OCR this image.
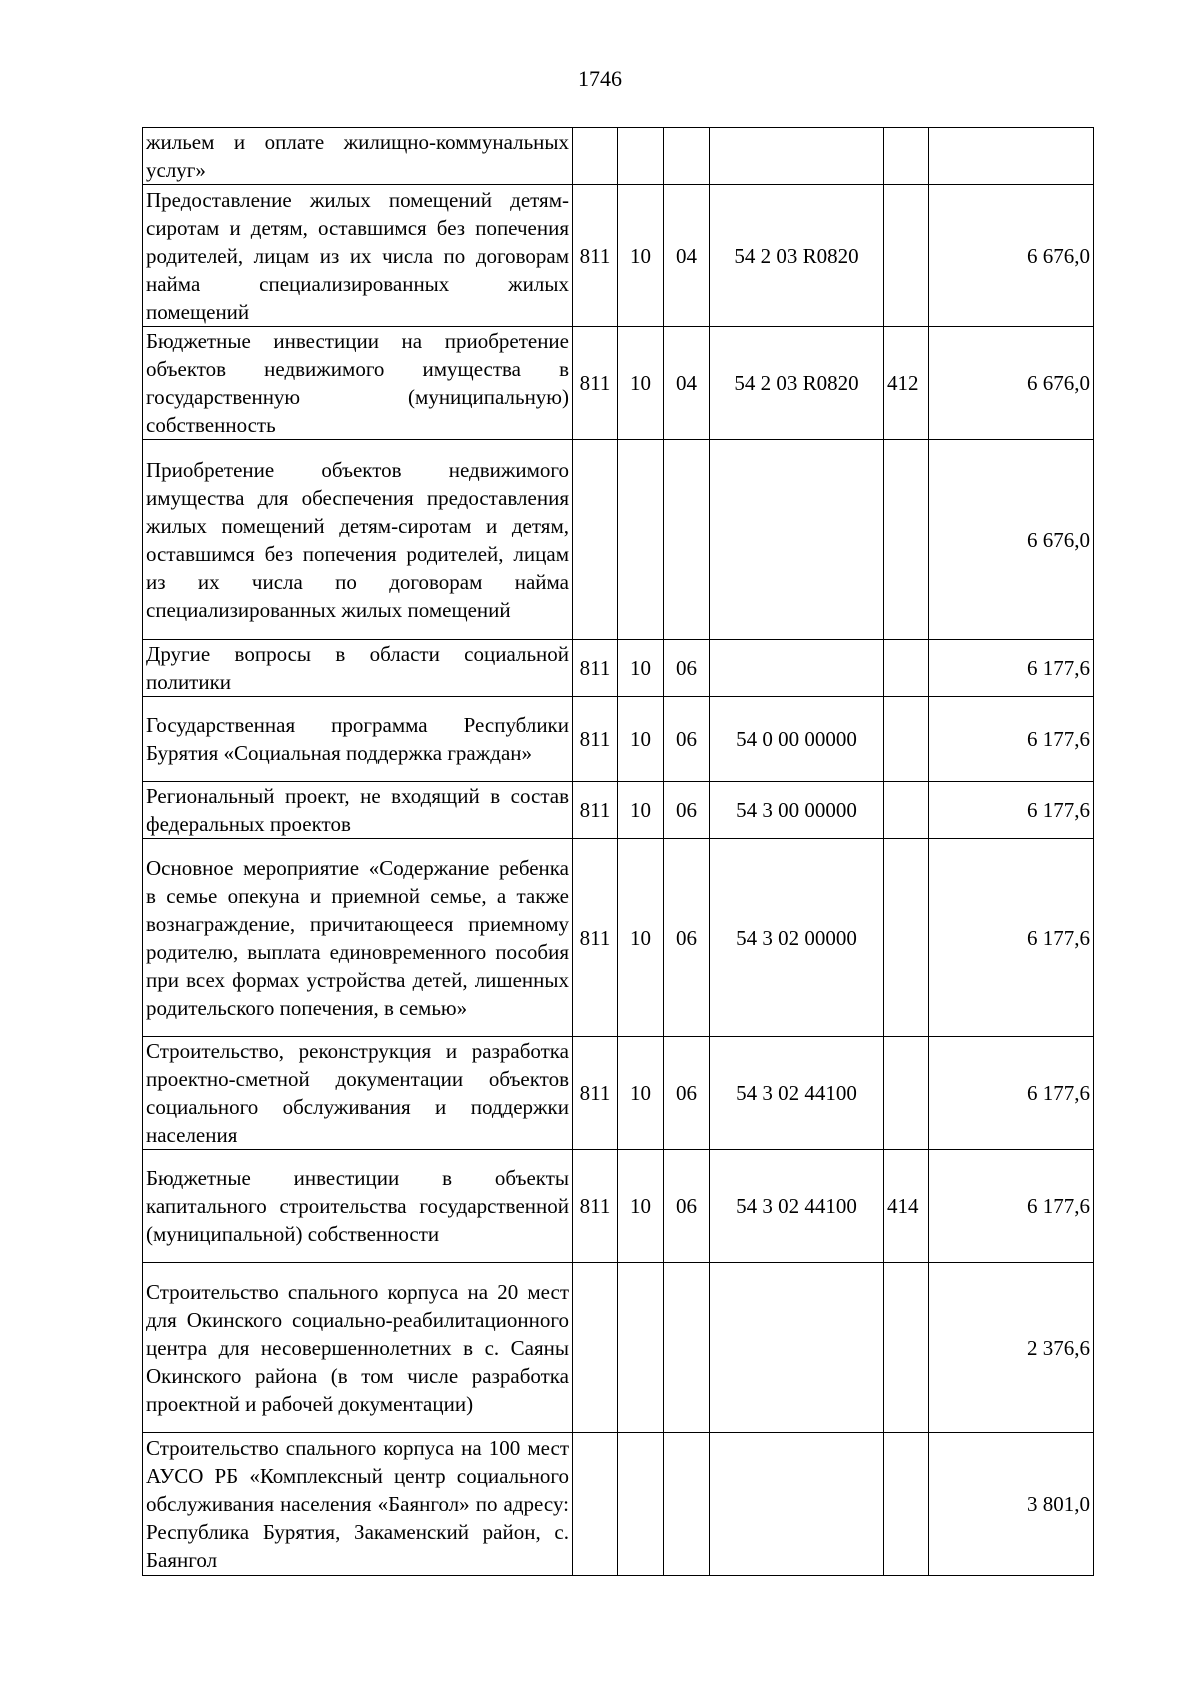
1746
жильем и оплате жилищно-коммунальных услуг»						
Предоставление жилых помещений детям-сиротам и детям, оставшимся без попечения родителей, лицам из их числа по договорам найма специализированных жилых помещений	811	10	04	54 2 03 R0820		6 676,0
Бюджетные инвестиции на приобретение объектов недвижимого имущества в государственную (муниципальную) собственность	811	10	04	54 2 03 R0820	412	6 676,0
Приобретение объектов недвижимого имущества для обеспечения предоставления жилых помещений детям-сиротам и детям, оставшимся без попечения родителей, лицам из их числа по договорам найма специализированных жилых помещений						6 676,0
Другие вопросы в области социальной политики	811	10	06			6 177,6
Государственная программа Республики Бурятия «Социальная поддержка граждан»	811	10	06	54 0 00 00000		6 177,6
Региональный проект, не входящий в состав федеральных проектов	811	10	06	54 3 00 00000		6 177,6
Основное мероприятие «Содержание ребенка в семье опекуна и приемной семье, а также вознаграждение, причитающееся приемному родителю, выплата единовременного пособия при всех формах устройства детей, лишенных родительского попечения, в семью»	811	10	06	54 3 02 00000		6 177,6
Строительство, реконструкция и разработка проектно-сметной документации объектов социального обслуживания и поддержки населения	811	10	06	54 3 02 44100		6 177,6
Бюджетные инвестиции в объекты капитального строительства государственной (муниципальной) собственности	811	10	06	54 3 02 44100	414	6 177,6
Строительство спального корпуса на 20 мест для Окинского социально-реабилитационного центра для несовершеннолетних в с. Саяны Окинского района (в том числе разработка проектной и рабочей документации)						2 376,6
Строительство спального корпуса на 100 мест АУСО РБ «Комплексный центр социального обслуживания населения «Баянгол» по адресу: Республика Бурятия, Закаменский район, с. Баянгол						3 801,0
